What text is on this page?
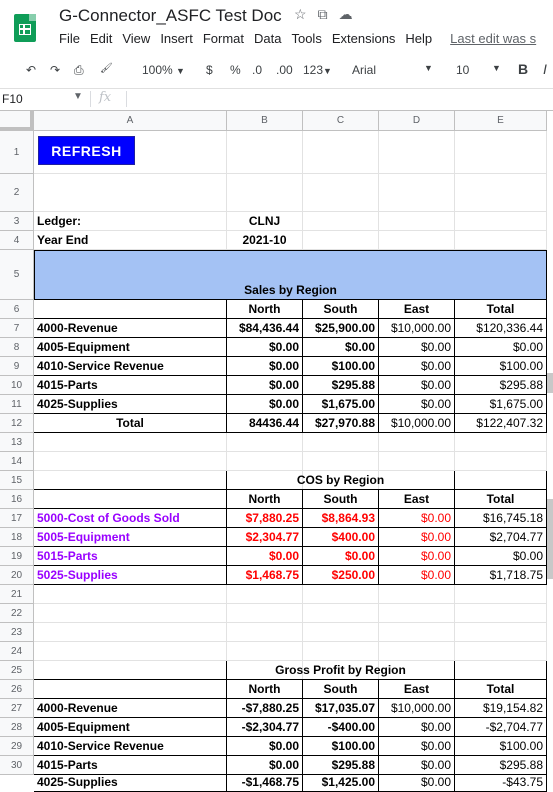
G-Connector_ASFC Test Doc ☆ ⧉ ☁
File Edit View Insert Format Data Tools Extensions Help Last edit was s
↶ ↷ ⎙ 🖌 100% ▼ $ % .0 .00 123▼ Arial	▼ 10	▼ B I
F10	▼ fx
A	B	C	D	E
1
2
3
4
5
6
7
8
9
10
11
12
13
14
15
16
17
18
19
20
21
22
23
24
25
26
27
28
29
30
Ledger:	CLNJ
Year End	2021-10
Sales by Region
North	South	East	Total
4000-Revenue	$84,436.44	$25,900.00	$10,000.00	$120,336.44
4005-Equipment	$0.00	$0.00	$0.00	$0.00
4010-Service Revenue	$0.00	$100.00	$0.00	$100.00
4015-Parts	$0.00	$295.88	$0.00	$295.88
4025-Supplies	$0.00	$1,675.00	$0.00	$1,675.00
Total	84436.44	$27,970.88	$10,000.00	$122,407.32
COS by Region
North	South	East	Total
5000-Cost of Goods Sold	$7,880.25	$8,864.93	$0.00	$16,745.18
5005-Equipment	$2,304.77	$400.00	$0.00	$2,704.77
5015-Parts	$0.00	$0.00	$0.00	$0.00
5025-Supplies	$1,468.75	$250.00	$0.00	$1,718.75
Gross Profit by Region
North	South	East	Total
4000-Revenue	-$7,880.25	$17,035.07	$10,000.00	$19,154.82
4005-Equipment	-$2,304.77	-$400.00	$0.00	-$2,704.77
4010-Service Revenue	$0.00	$100.00	$0.00	$100.00
4015-Parts	$0.00	$295.88	$0.00	$295.88
4025-Supplies	-$1,468.75	$1,425.00	$0.00	-$43.75
REFRESH
